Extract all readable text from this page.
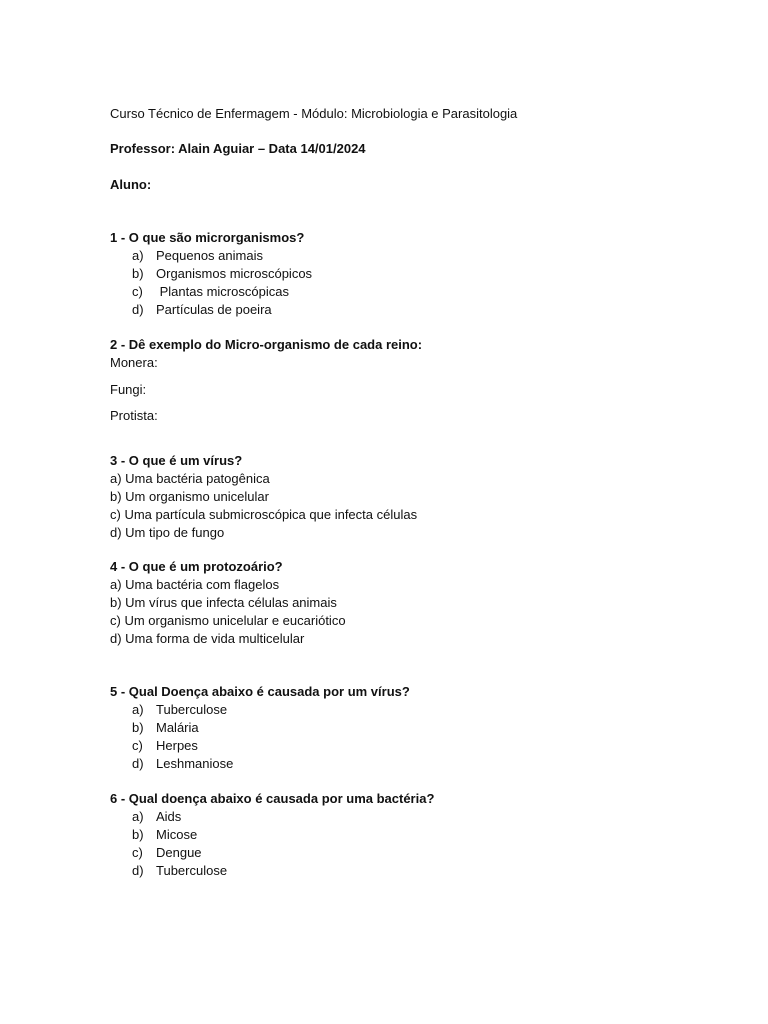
Curso Técnico de Enfermagem - Módulo: Microbiologia e Parasitologia
Professor: Alain Aguiar – Data 14/01/2024
Aluno:
1 - O que são microrganismos?
a) Pequenos animais
b) Organismos microscópicos
c) Plantas microscópicas
d) Partículas de poeira
2 - Dê exemplo do Micro-organismo de cada reino:
Monera:
Fungi:
Protista:
3 - O que é um vírus?
a) Uma bactéria patogênica
b) Um organismo unicelular
c) Uma partícula submicroscópica que infecta células
d) Um tipo de fungo
4 - O que é um protozoário?
a) Uma bactéria com flagelos
b) Um vírus que infecta células animais
c) Um organismo unicelular e eucariótico
d) Uma forma de vida multicelular
5 - Qual Doença abaixo é causada por um vírus?
a) Tuberculose
b) Malária
c) Herpes
d) Leshmaniose
6 - Qual doença abaixo é causada por uma bactéria?
a) Aids
b) Micose
c) Dengue
d) Tuberculose
